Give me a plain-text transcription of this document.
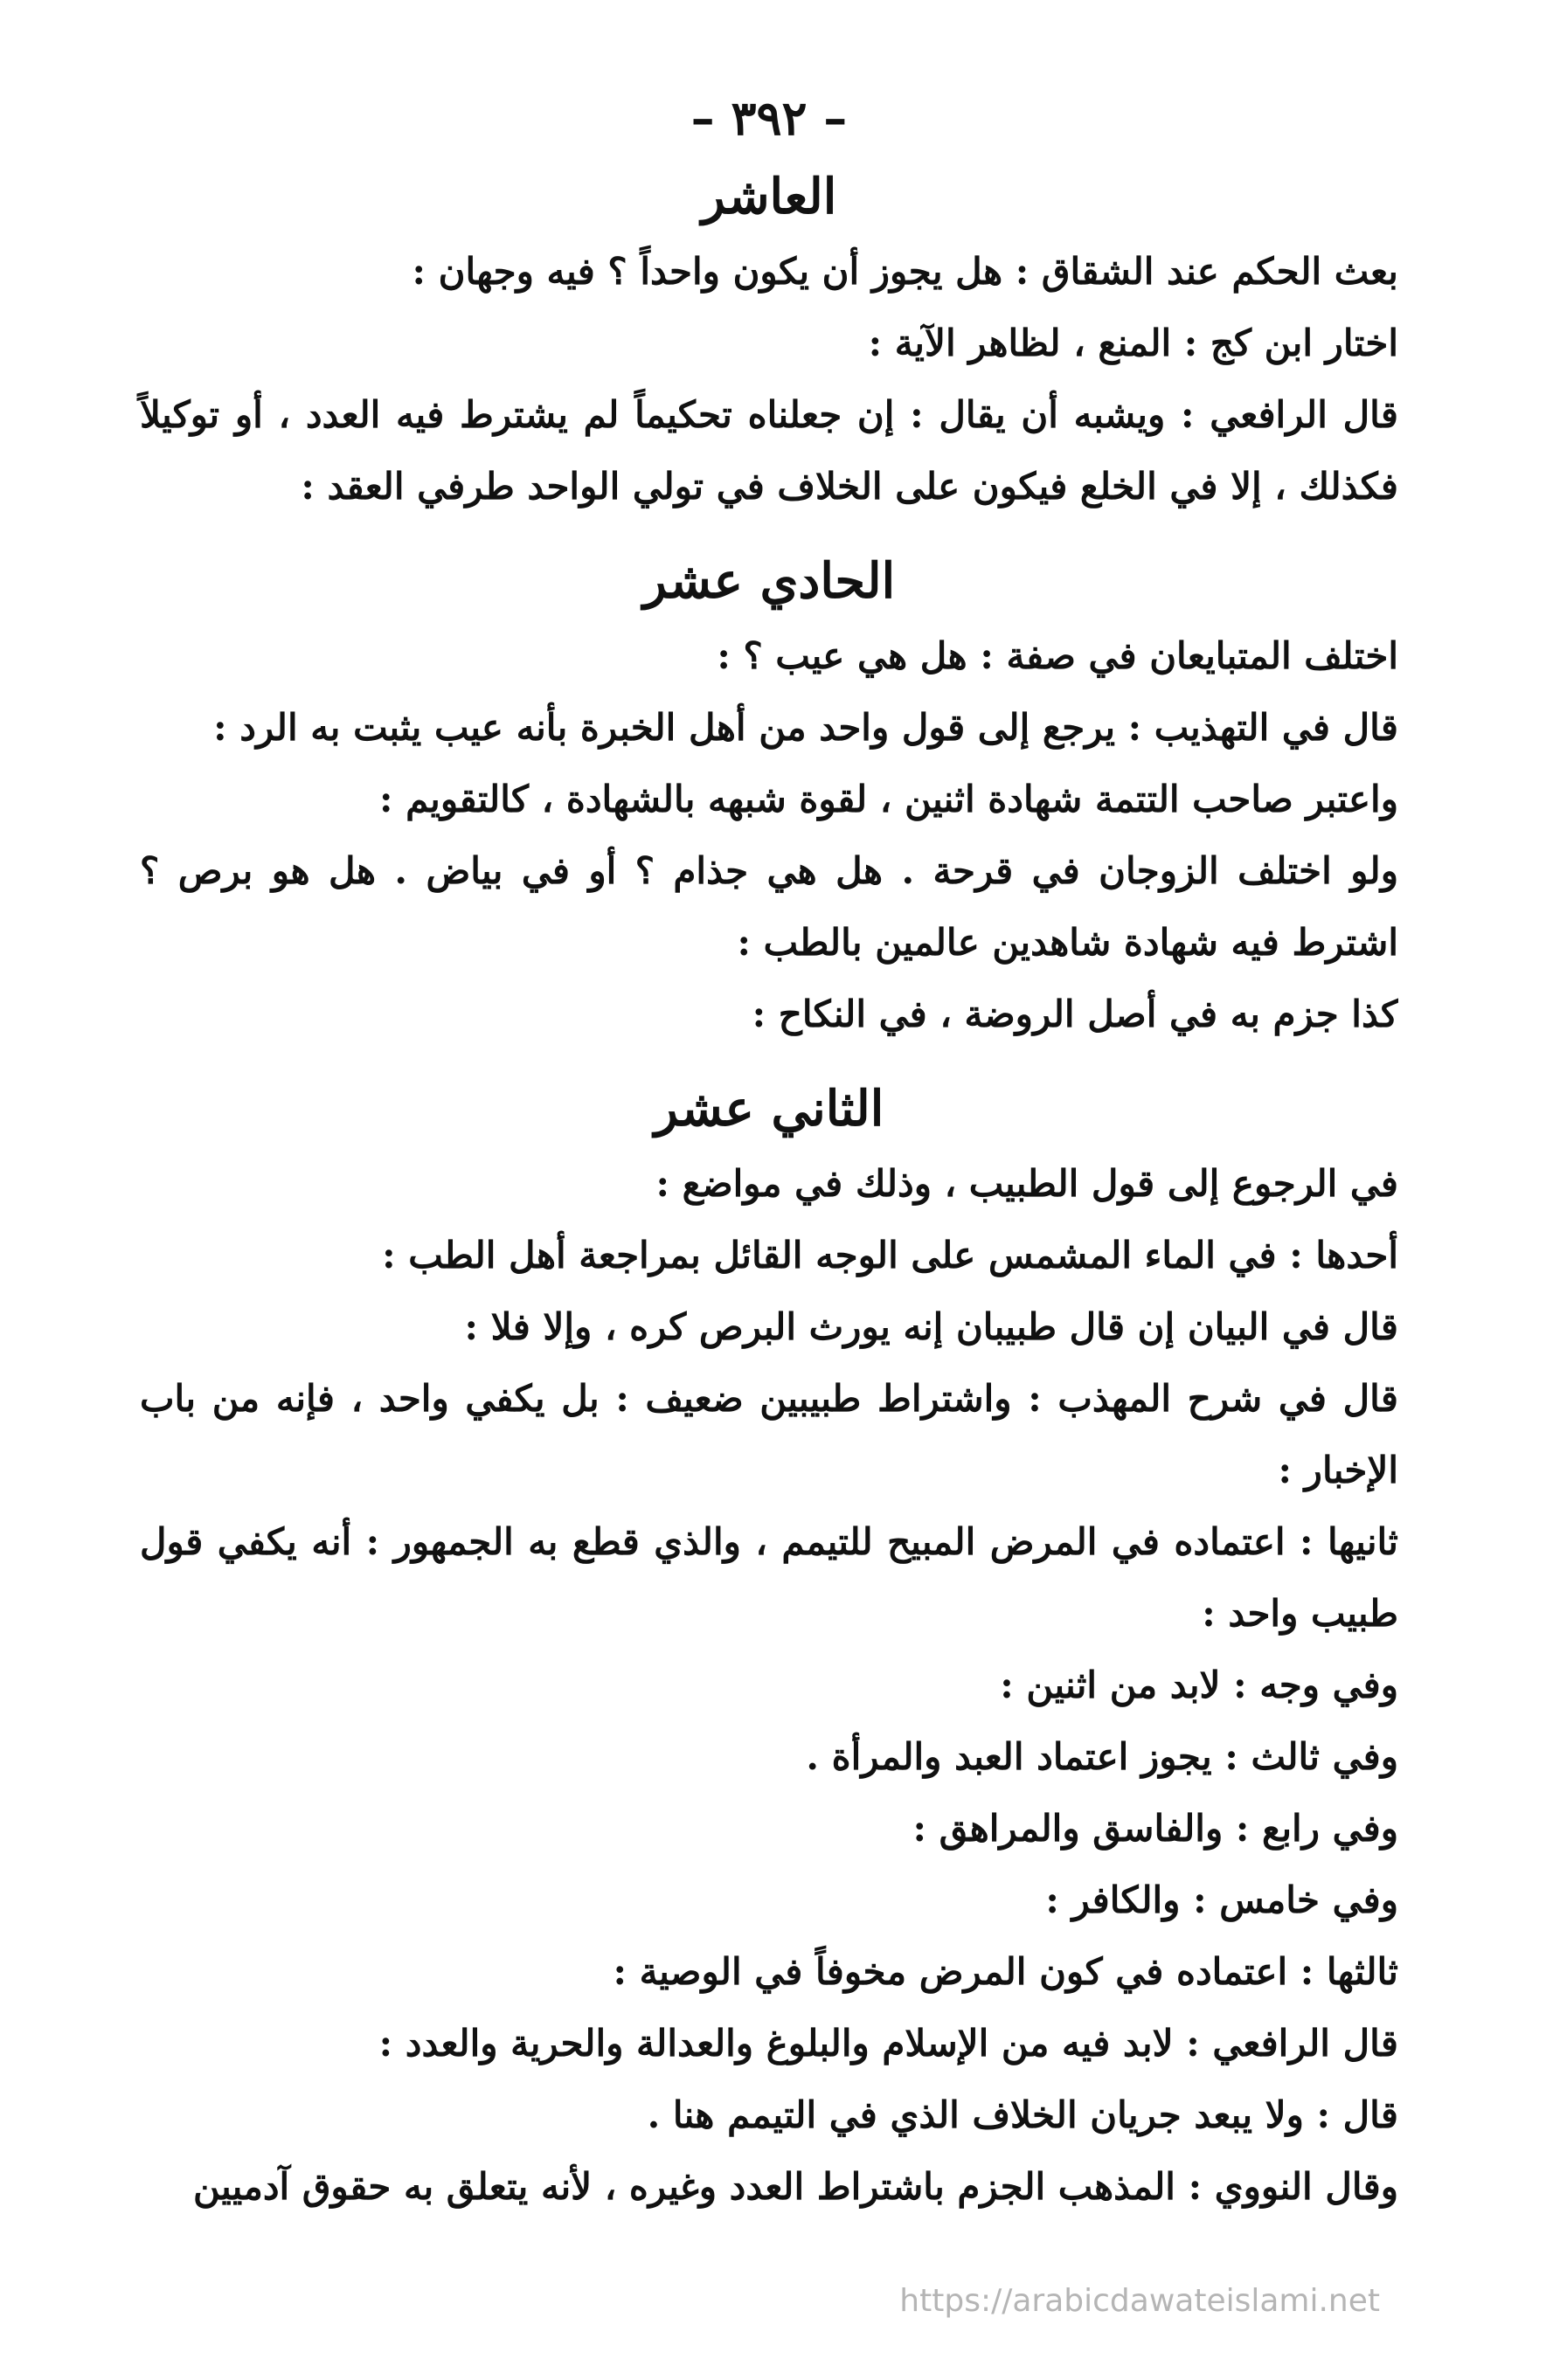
– ٣٩٢ –
العاشر
بعث الحكم عند الشقاق : هل يجوز أن يكون واحداً ؟ فيه وجهان :
اختار ابن كج : المنع ، لظاهر الآية :

قال الرافعي : ويشبه أن يقال : إن جعلناه تحكيماً لم يشترط فيه العدد ، أو توكيلاً فكذلك ، إلا في الخلع فيكون على الخلاف في تولي الواحد طرفي العقد :

الحادي عشر
اختلف المتبايعان في صفة : هل هي عيب ؟ :
قال في التهذيب : يرجع إلى قول واحد من أهل الخبرة بأنه عيب يثبت به الرد :
واعتبر صاحب التتمة شهادة اثنين ، لقوة شبهه بالشهادة ، كالتقويم :

ولو اختلف الزوجان في قرحة . هل هي جذام ؟ أو في بياض . هل هو برص ؟ اشترط فيه شهادة شاهدين عالمين بالطب :

كذا جزم به في أصل الروضة ، في النكاح :
الثاني عشر
في الرجوع إلى قول الطبيب ، وذلك في مواضع :
أحدها : في الماء المشمس على الوجه القائل بمراجعة أهل الطب :
قال في البيان إن قال طبيبان إنه يورث البرص كره ، وإلا فلا :

قال في شرح المهذب : واشتراط طبيبين ضعيف : بل يكفي واحد ، فإنه من باب الإخبار :

ثانيها : اعتماده في المرض المبيح للتيمم ، والذي قطع به الجمهور : أنه يكفي قول طبيب واحد :

وفي وجه : لابد من اثنين :
وفي ثالث : يجوز اعتماد العبد والمرأة .
وفي رابع : والفاسق والمراهق :
وفي خامس : والكافر :
ثالثها : اعتماده في كون المرض مخوفاً في الوصية :
قال الرافعي : لابد فيه من الإسلام والبلوغ والعدالة والحرية والعدد :
قال : ولا يبعد جريان الخلاف الذي في التيمم هنا .
وقال النووي : المذهب الجزم باشتراط العدد وغيره ، لأنه يتعلق به حقوق آدميين
https://arabicdawateislami.net
